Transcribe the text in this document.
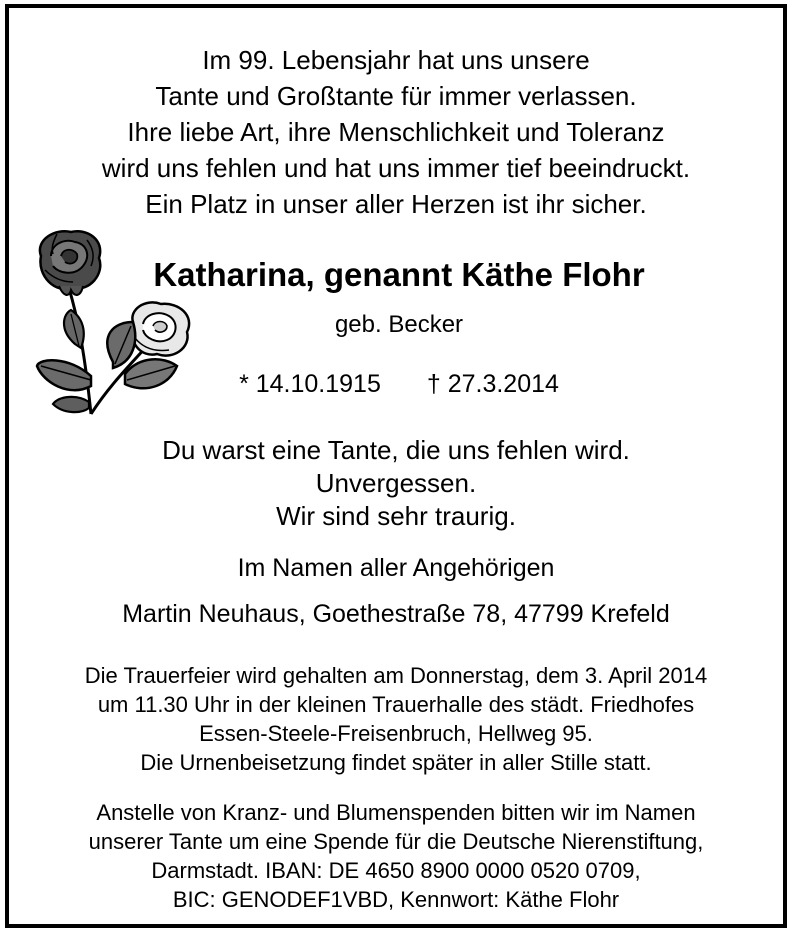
Im 99. Lebensjahr hat uns unsere
Tante und Großtante für immer verlassen.
Ihre liebe Art, ihre Menschlichkeit und Toleranz
wird uns fehlen und hat uns immer tief beeindruckt.
Ein Platz in unser aller Herzen ist ihr sicher.
Katharina, genannt Käthe Flohr
geb. Becker
* 14.10.1915 † 27.3.2014
Du warst eine Tante, die uns fehlen wird.
Unvergessen.
Wir sind sehr traurig.
Im Namen aller Angehörigen
Martin Neuhaus, Goethestraße 78, 47799 Krefeld
Die Trauerfeier wird gehalten am Donnerstag, dem 3. April 2014
um 11.30 Uhr in der kleinen Trauerhalle des städt. Friedhofes
Essen-Steele-Freisenbruch, Hellweg 95.
Die Urnenbeisetzung findet später in aller Stille statt.
Anstelle von Kranz- und Blumenspenden bitten wir im Namen
unserer Tante um eine Spende für die Deutsche Nierenstiftung,
Darmstadt. IBAN: DE 4650 8900 0000 0520 0709,
BIC: GENODEF1VBD, Kennwort: Käthe Flohr
